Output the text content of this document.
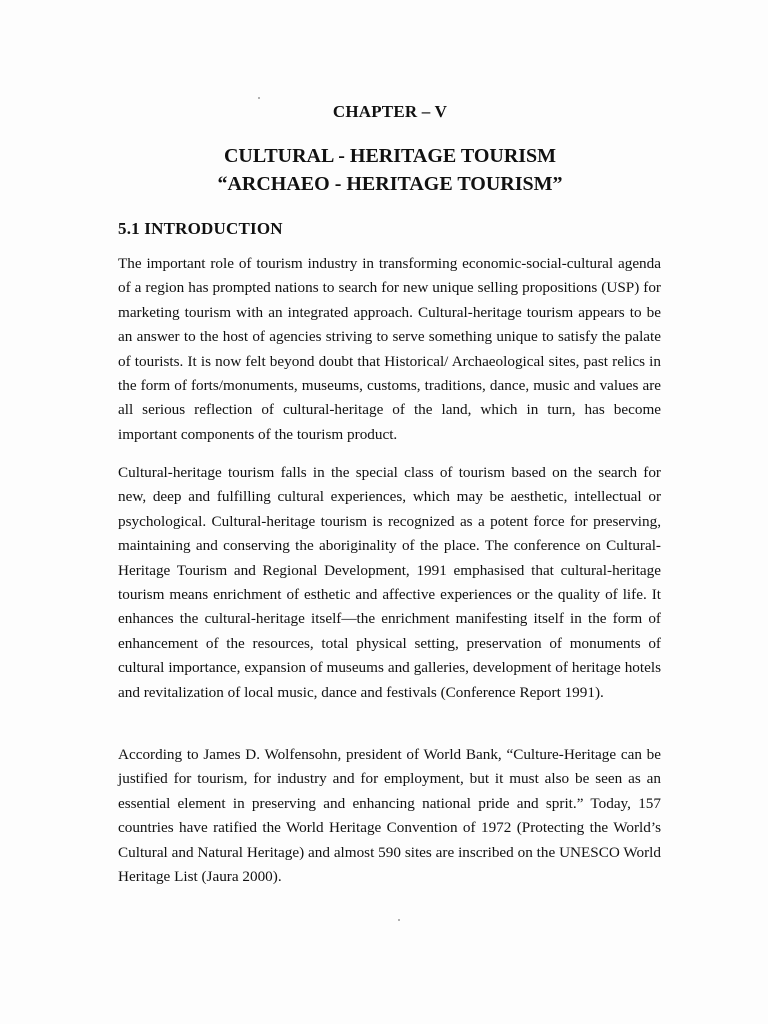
CHAPTER – V
CULTURAL - HERITAGE TOURISM
“ARCHAEO - HERITAGE TOURISM”
5.1 INTRODUCTION

The important role of tourism industry in transforming economic-social-cultural agenda of a region has prompted nations to search for new unique selling propositions (USP) for marketing tourism with an integrated approach. Cultural-heritage tourism appears to be an answer to the host of agencies striving to serve something unique to satisfy the palate of tourists. It is now felt beyond doubt that Historical/ Archaeological sites, past relics in the form of forts/monuments, museums, customs, traditions, dance, music and values are all serious reflection of cultural-heritage of the land, which in turn, has become important components of the tourism product.

Cultural-heritage tourism falls in the special class of tourism based on the search for new, deep and fulfilling cultural experiences, which may be aesthetic, intellectual or psychological. Cultural-heritage tourism is recognized as a potent force for preserving, maintaining and conserving the aboriginality of the place. The conference on Cultural-Heritage Tourism and Regional Development, 1991 emphasised that cultural-heritage tourism means enrichment of esthetic and affective experiences or the quality of life. It enhances the cultural-heritage itself—the enrichment manifesting itself in the form of enhancement of the resources, total physical setting, preservation of monuments of cultural importance, expansion of museums and galleries, development of heritage hotels and revitalization of local music, dance and festivals (Conference Report 1991).

According to James D. Wolfensohn, president of World Bank, “Culture-Heritage can be justified for tourism, for industry and for employment, but it must also be seen as an essential element in preserving and enhancing national pride and sprit.” Today, 157 countries have ratified the World Heritage Convention of 1972 (Protecting the World’s Cultural and Natural Heritage) and almost 590 sites are inscribed on the UNESCO World Heritage List (Jaura 2000).
